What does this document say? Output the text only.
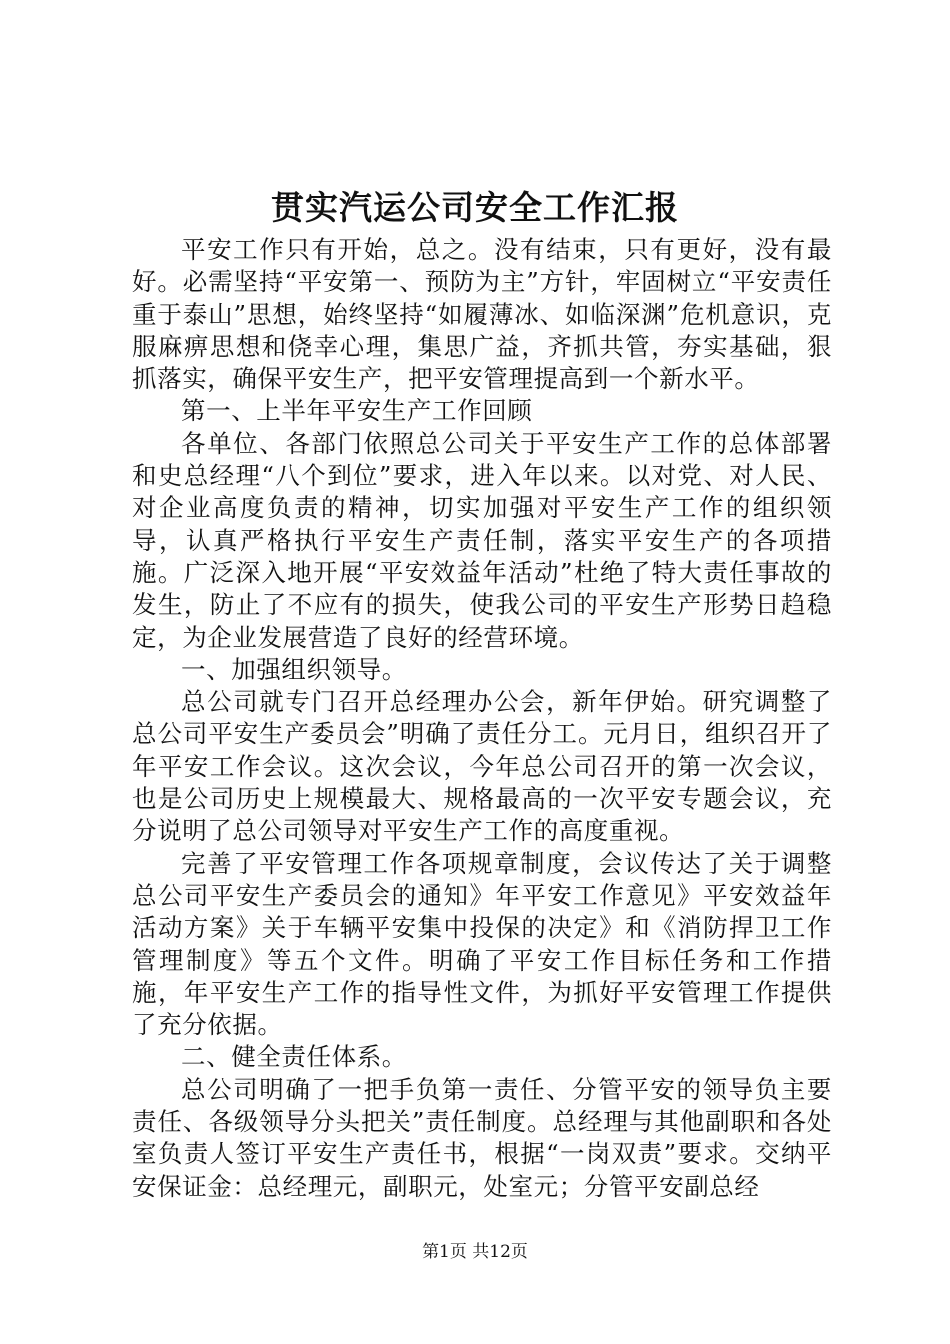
贯实汽运公司安全工作汇报

平安工作只有开始，总之。没有结束，只有更好，没有最好。必需坚持“平安第一、预防为主”方针，牢固树立“平安责任重于泰山”思想，始终坚持“如履薄冰、如临深渊”危机意识，克服麻痹思想和侥幸心理，集思广益，齐抓共管，夯实基础，狠抓落实，确保平安生产，把平安管理提高到一个新水平。

第一、上半年平安生产工作回顾

各单位、各部门依照总公司关于平安生产工作的总体部署和史总经理“八个到位”要求，进入年以来。以对党、对人民、对企业高度负责的精神，切实加强对平安生产工作的组织领导，认真严格执行平安生产责任制，落实平安生产的各项措施。广泛深入地开展“平安效益年活动”杜绝了特大责任事故的发生，防止了不应有的损失，使我公司的平安生产形势日趋稳定，为企业发展营造了良好的经营环境。

一、加强组织领导。

总公司就专门召开总经理办公会，新年伊始。研究调整了总公司平安生产委员会”明确了责任分工。元月日，组织召开了年平安工作会议。这次会议，今年总公司召开的第一次会议，也是公司历史上规模最大、规格最高的一次平安专题会议，充分说明了总公司领导对平安生产工作的高度重视。

完善了平安管理工作各项规章制度，会议传达了关于调整总公司平安生产委员会的通知》年平安工作意见》平安效益年活动方案》关于车辆平安集中投保的决定》和《消防捍卫工作管理制度》等五个文件。明确了平安工作目标任务和工作措施，年平安生产工作的指导性文件，为抓好平安管理工作提供了充分依据。

二、健全责任体系。

总公司明确了一把手负第一责任、分管平安的领导负主要责任、各级领导分头把关”责任制度。总经理与其他副职和各处室负责人签订平安生产责任书，根据“一岗双责”要求。交纳平安保证金：总经理元，副职元，处室元；分管平安副总经

第1页 共12页
